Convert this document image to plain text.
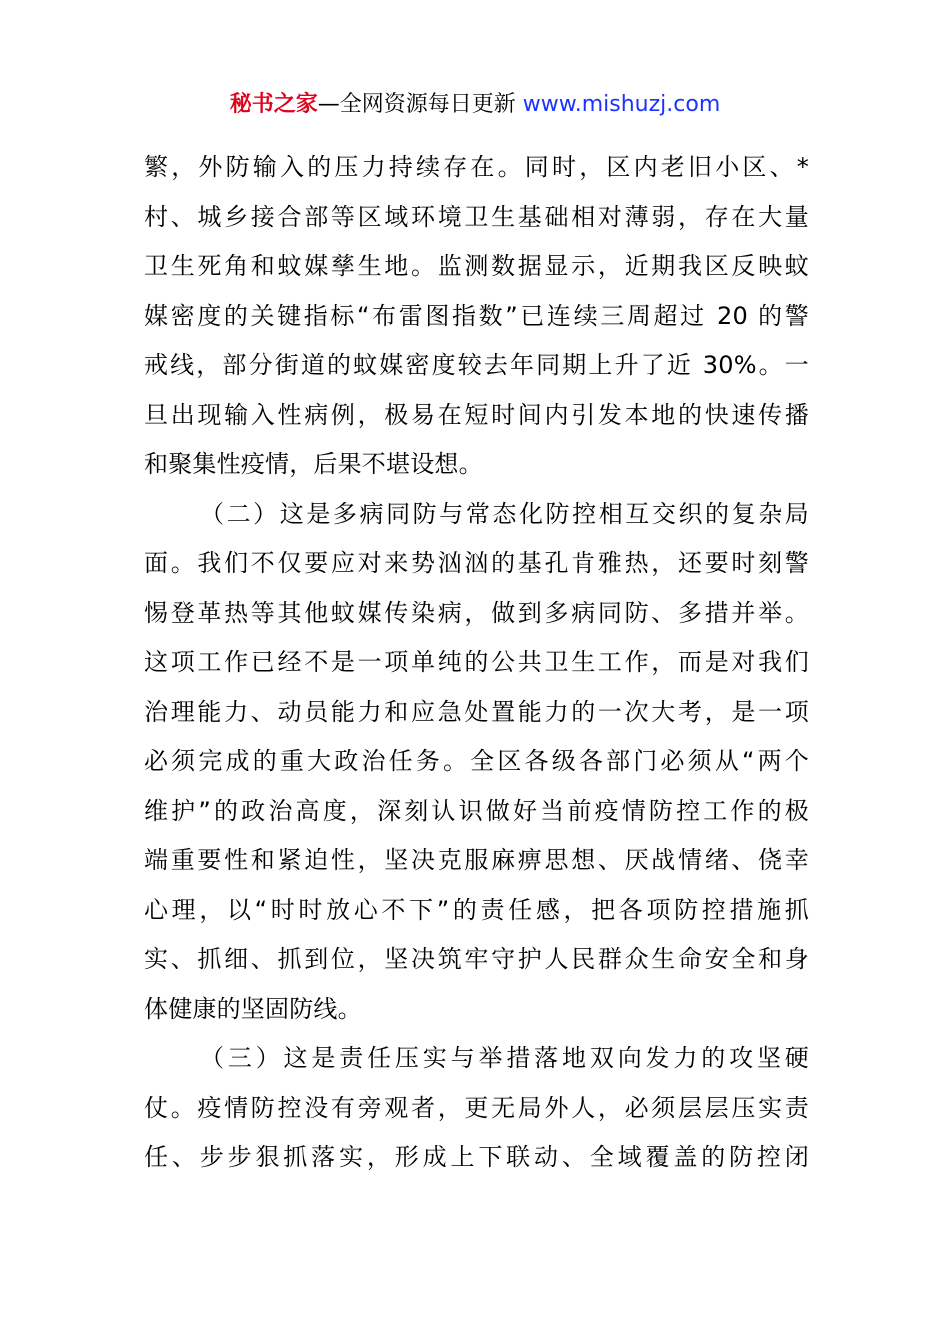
秘书之家—全网资源每日更新 www.mishuzj.com
繁，外防输入的压力持续存在。同时，区内老旧小区、*
村、城乡接合部等区域环境卫生基础相对薄弱，存在大量
卫生死角和蚊媒孳生地。监测数据显示，近期我区反映蚊
媒密度的关键指标“布雷图指数”已连续三周超过 20 的警
戒线，部分街道的蚊媒密度较去年同期上升了近 30%。一
旦出现输入性病例，极易在短时间内引发本地的快速传播
和聚集性疫情，后果不堪设想。
（二）这是多病同防与常态化防控相互交织的复杂局
面。我们不仅要应对来势汹汹的基孔肯雅热，还要时刻警
惕登革热等其他蚊媒传染病，做到多病同防、多措并举。
这项工作已经不是一项单纯的公共卫生工作，而是对我们
治理能力、动员能力和应急处置能力的一次大考，是一项
必须完成的重大政治任务。全区各级各部门必须从“两个
维护”的政治高度，深刻认识做好当前疫情防控工作的极
端重要性和紧迫性，坚决克服麻痹思想、厌战情绪、侥幸
心理，以“时时放心不下”的责任感，把各项防控措施抓
实、抓细、抓到位，坚决筑牢守护人民群众生命安全和身
体健康的坚固防线。
（三）这是责任压实与举措落地双向发力的攻坚硬
仗。疫情防控没有旁观者，更无局外人，必须层层压实责
任、步步狠抓落实，形成上下联动、全域覆盖的防控闭
